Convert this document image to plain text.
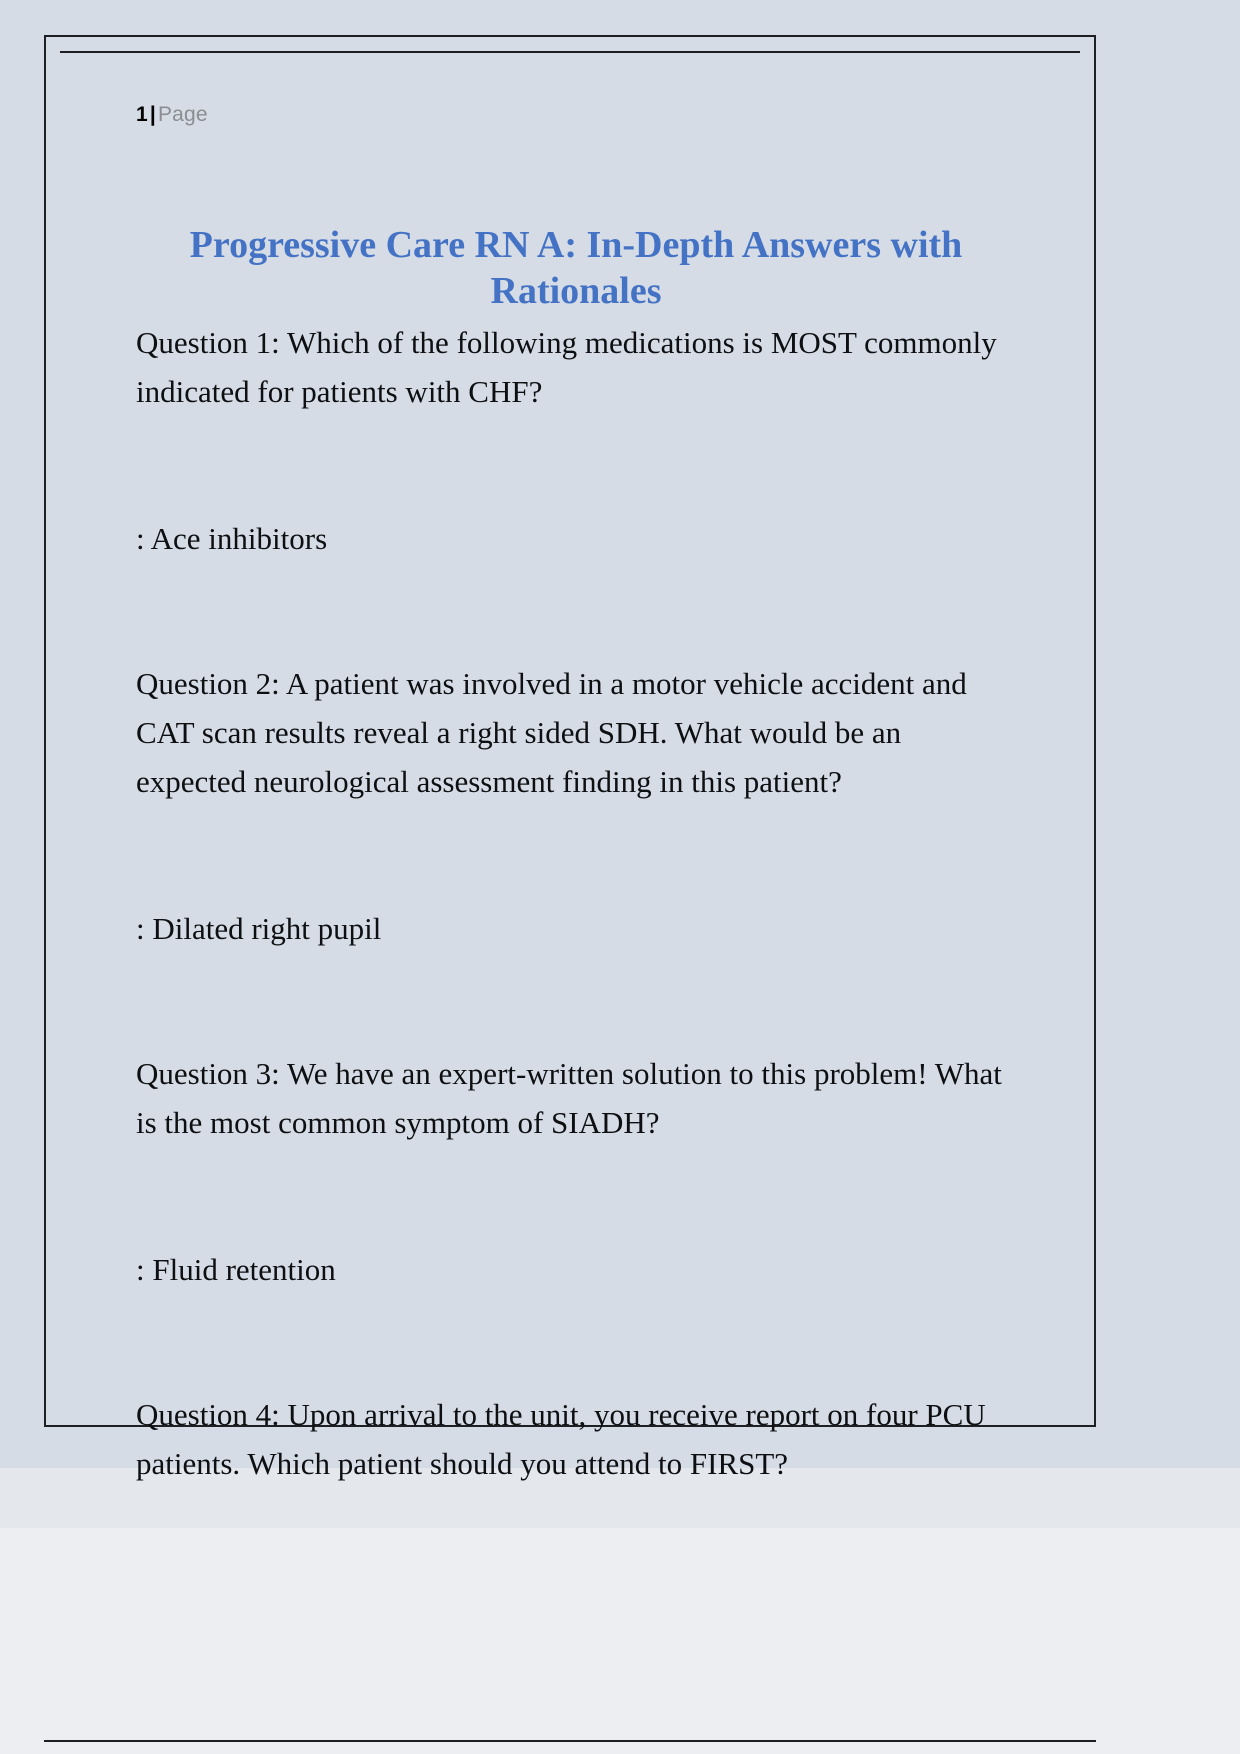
1|Page
Progressive Care RN A: In-Depth Answers with Rationales

Question 1: Which of the following medications is MOST commonly indicated for patients with CHF?

: Ace inhibitors

Question 2: A patient was involved in a motor vehicle accident and CAT scan results reveal a right sided SDH. What would be an expected neurological assessment finding in this patient?

: Dilated right pupil

Question 3: We have an expert-written solution to this problem! What is the most common symptom of SIADH?

: Fluid retention

Question 4: Upon arrival to the unit, you receive report on four PCU patients. Which patient should you attend to FIRST?
